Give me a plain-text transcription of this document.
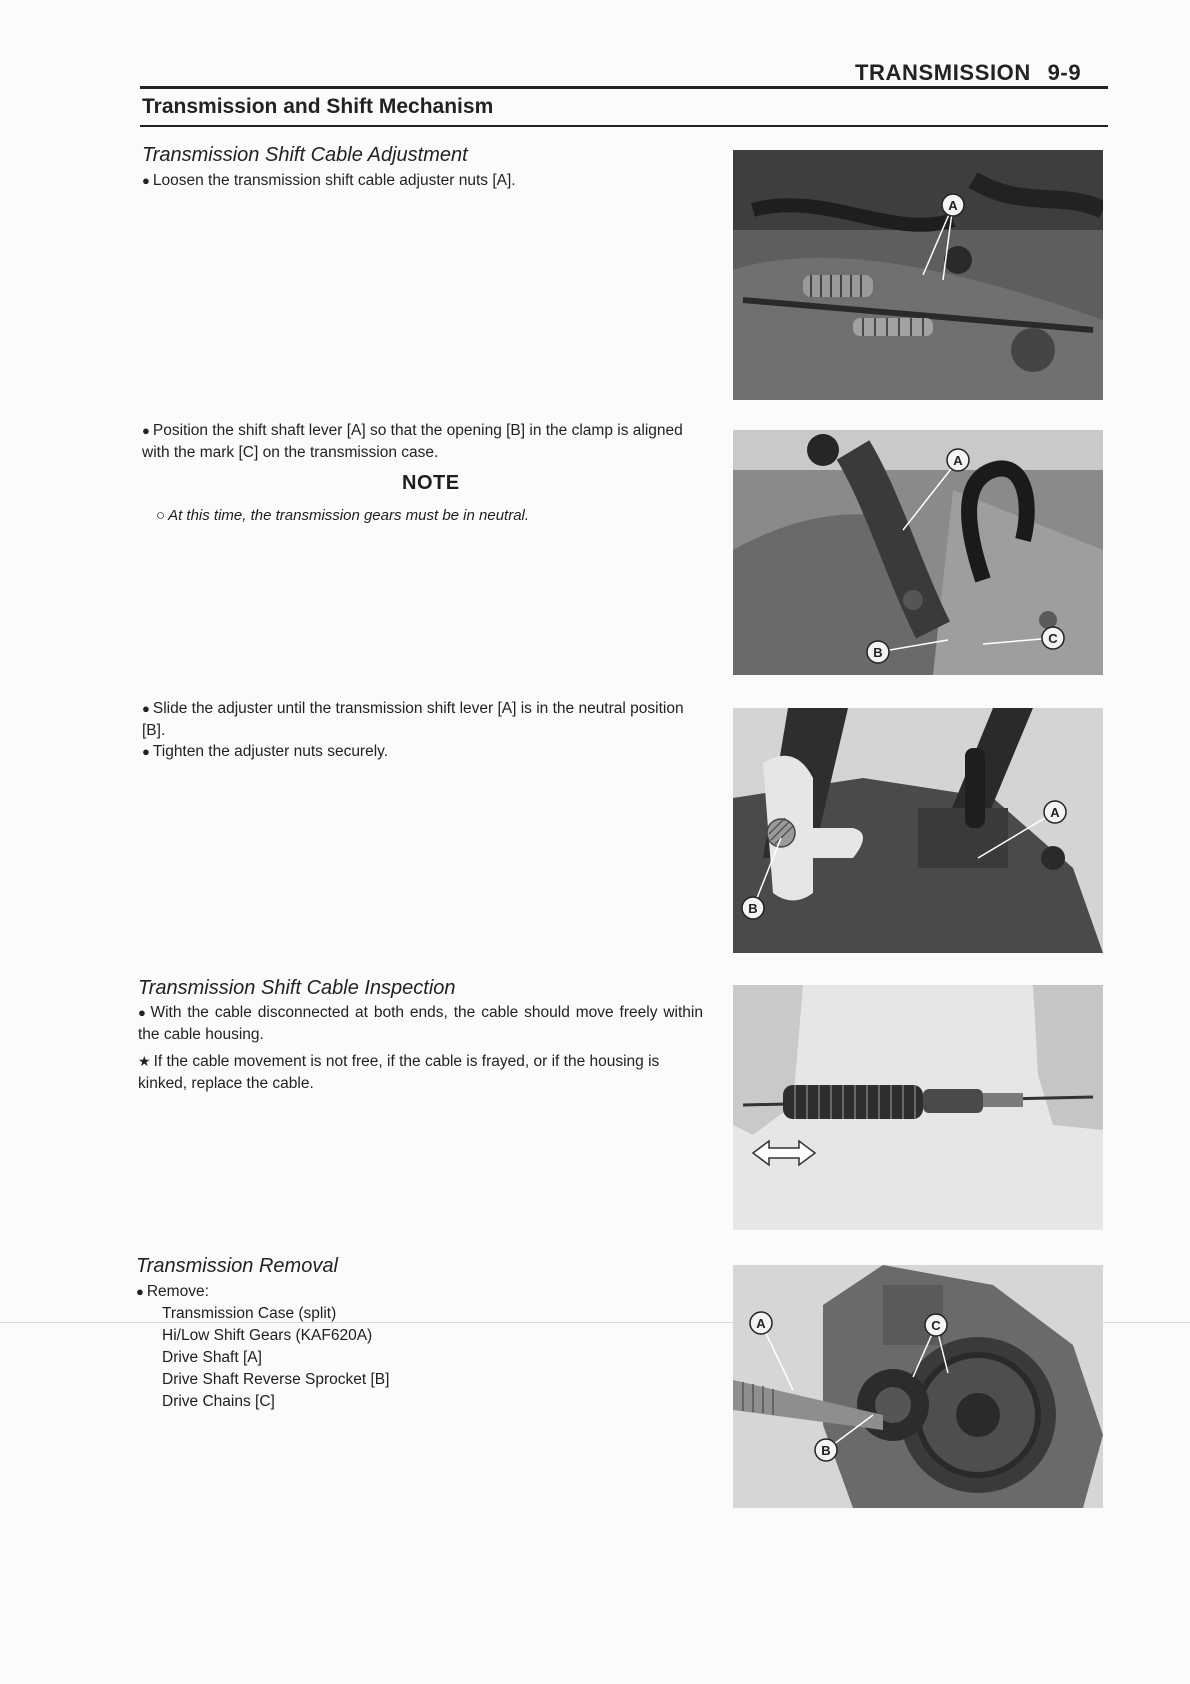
TRANSMISSION 9-9
Transmission and Shift Mechanism
Transmission Shift Cable Adjustment
● Loosen the transmission shift cable adjuster nuts [A].
● Position the shift shaft lever [A] so that the opening [B] in the clamp is aligned with the mark [C] on the transmission case.
NOTE
○ At this time, the transmission gears must be in neutral.
● Slide the adjuster until the transmission shift lever [A] is in the neutral position [B].
● Tighten the adjuster nuts securely.
Transmission Shift Cable Inspection
● With the cable disconnected at both ends, the cable should move freely within the cable housing.
★ If the cable movement is not free, if the cable is frayed, or if the housing is kinked, replace the cable.
Transmission Removal
● Remove:
Transmission Case (split)
Hi/Low Shift Gears (KAF620A)
Drive Shaft [A]
Drive Shaft Reverse Sprocket [B]
Drive Chains [C]
A
A
B
C
A
B
A
B
C
